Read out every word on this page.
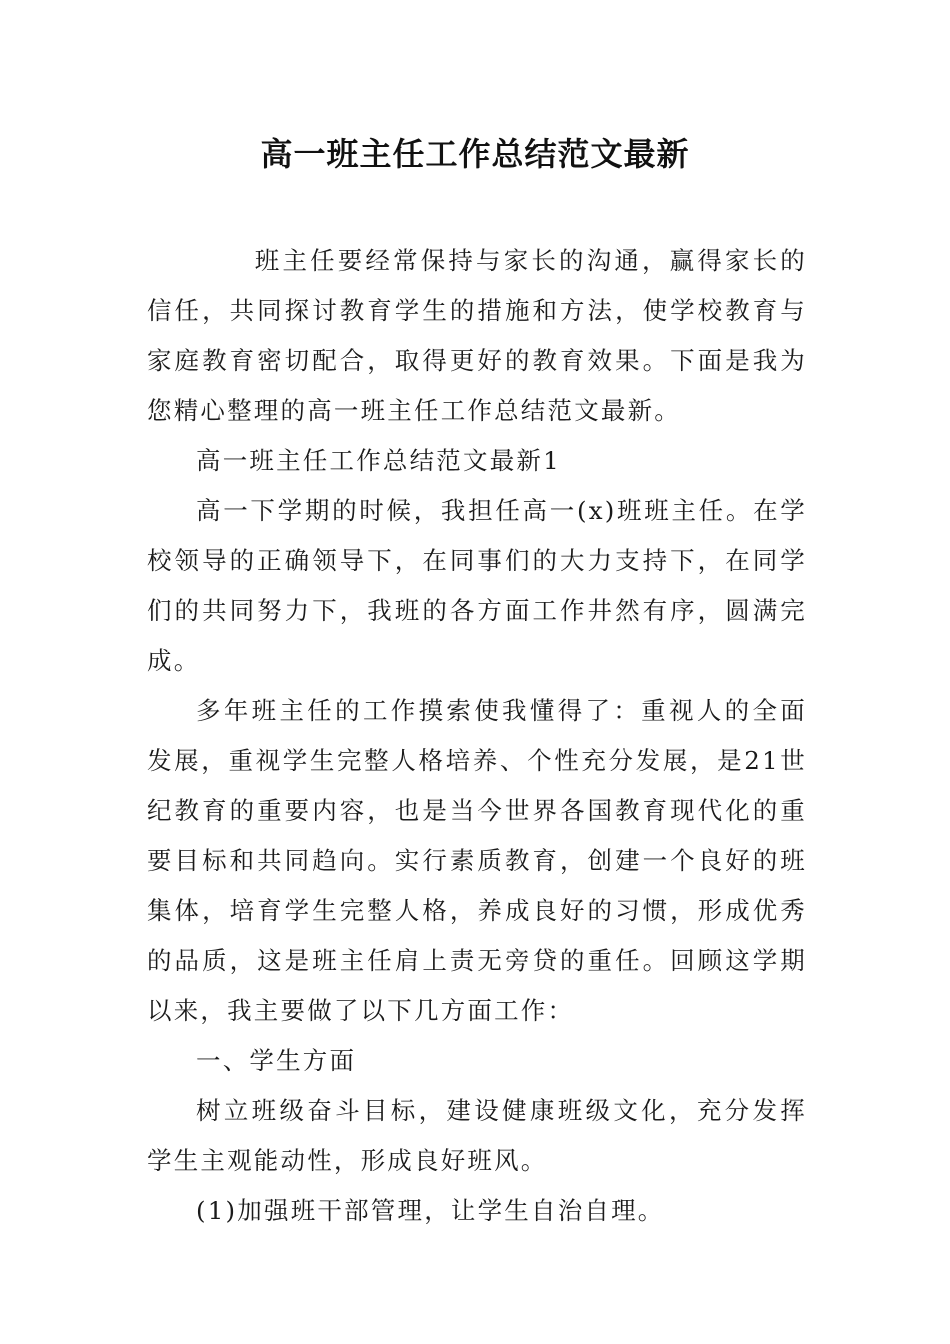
高一班主任工作总结范文最新

班主任要经常保持与家长的沟通，赢得家长的信任，共同探讨教育学生的措施和方法，使学校教育与家庭教育密切配合，取得更好的教育效果。下面是我为您精心整理的高一班主任工作总结范文最新。

高一班主任工作总结范文最新1

高一下学期的时候，我担任高一(x)班班主任。在学校领导的正确领导下，在同事们的大力支持下，在同学们的共同努力下，我班的各方面工作井然有序，圆满完成。

多年班主任的工作摸索使我懂得了：重视人的全面发展，重视学生完整人格培养、个性充分发展，是21世纪教育的重要内容，也是当今世界各国教育现代化的重要目标和共同趋向。实行素质教育，创建一个良好的班集体，培育学生完整人格，养成良好的习惯，形成优秀的品质，这是班主任肩上责无旁贷的重任。回顾这学期以来，我主要做了以下几方面工作：

一、学生方面

树立班级奋斗目标，建设健康班级文化，充分发挥学生主观能动性，形成良好班风。

(1)加强班干部管理，让学生自治自理。
